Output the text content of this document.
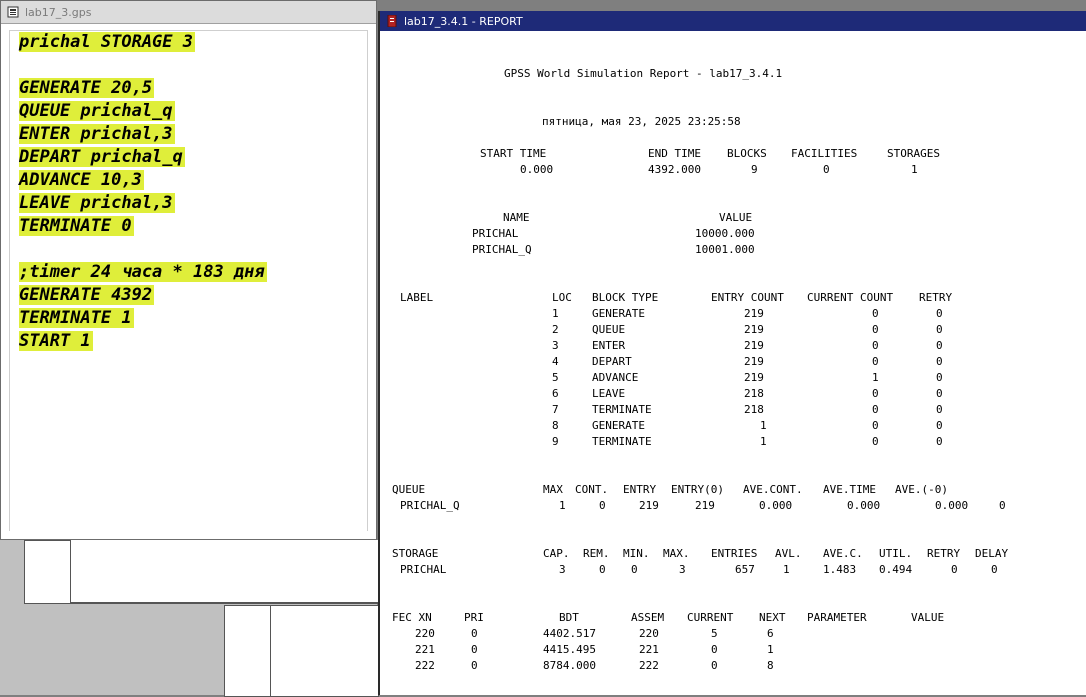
lab17_3.gps
prichal STORAGE 3
GENERATE 20,5
QUEUE prichal_q
ENTER prichal,3
DEPART prichal_q
ADVANCE 10,3
LEAVE prichal,3
TERMINATE 0
;timer 24 часа * 183 дня
GENERATE 4392
TERMINATE 1
START 1
lab17_3.4.1 - REPORT
GPSS World Simulation Report - lab17_3.4.1
пятница, мая 23, 2025 23:25:58
START TIME	END TIME BLOCKS FACILITIES	STORAGES
0.000	4392.000	9	0	1
NAME	VALUE
PRICHAL	10000.000
PRICHAL_Q	10001.000
LABEL	LOC BLOCK TYPE	ENTRY COUNT CURRENT COUNT RETRY
1	GENERATE	219	0	0
2	QUEUE	219	0	0
3	ENTER	219	0	0
4	DEPART	219	0	0
5	ADVANCE	219	1	0
6	LEAVE	218	0	0
7	TERMINATE	218	0	0
8	GENERATE	1	0	0
9	TERMINATE	1	0	0
QUEUE	MAX CONT. ENTRY ENTRY(0) AVE.CONT. AVE.TIME AVE.(-0)
PRICHAL_Q	1	0	219	219	0.000	0.000	0.000	0
STORAGE	CAP. REM. MIN. MAX. ENTRIES AVL. AVE.C. UTIL. RETRY DELAY
PRICHAL	3	0 0	3	657	1	1.483 0.494	0	0
FEC XN	PRI	BDT	ASSEM CURRENT NEXT PARAMETER	VALUE
220	0	4402.517	220	5	6
221	0	4415.495	221	0	1
222	0	8784.000	222	0	8
